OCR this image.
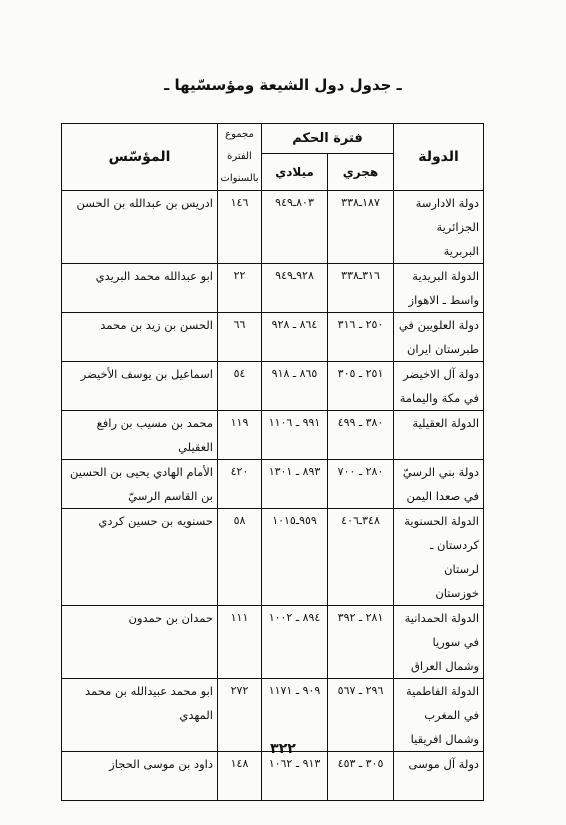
ـ جدول دول الشيعة ومؤسسّيها ـ
الدولة	فترة الحكم		مجموع الفترة بالسنوات	المؤسّس
	هجري	ميلادي		
دولة الادارسة الجزائرية البربرية	١٨٧ـ٣٣٨	٨٠٣ـ٩٤٩	١٤٦	ادريس بن عبدالله بن الحسن
الدولة البريدية واسط ـ الاهواز	٣١٦ـ٣٣٨	٩٢٨ـ٩٤٩	٢٢	ابو عبدالله محمد البريدي
دولة العلويين في طبرستان ايران	٢٥٠ ـ ٣١٦	٨٦٤ ـ ٩٢٨	٦٦	الحسن بن زيد بن محمد
دولة آل الاخيضر في مكة واليمامة	٢٥١ ـ ٣٠٥	٨٦٥ ـ ٩١٨	٥٤	اسماعيل بن يوسف الأخيضر
الدولة العقيلية	٣٨٠ ـ ٤٩٩	٩٩١ ـ ١١٠٦	١١٩	محمد بن مسيب بن رافع العقيلي
دولة بني الرسيّ في صعدا اليمن	٢٨٠ ـ ٧٠٠	٨٩٣ ـ ١٣٠١	٤٢٠	الأمام الهادي يحيى بن الحسين بن القاسم الرسيّ
الدولة الحسنوية كردستان ـ لرستان خوزستان	٣٤٨ـ٤٠٦	٩٥٩ـ١٠١٥	٥٨	حسنويه بن حسين كردي
الدولة الحمدانية في سوريا وشمال العراق	٢٨١ ـ ٣٩٢	٨٩٤ ـ ١٠٠٢	١١١	حمدان بن حمدون
الدولة الفاطمية في المغرب وشمال افريقيا	٢٩٦ ـ ٥٦٧	٩٠٩ ـ ١١٧١	٢٧٢	ابو محمد عبيدالله بن محمد المهدي
دولة آل موسى	٣٠٥ ـ ٤٥٣	٩١٣ ـ ١٠٦٢	١٤٨	داود بن موسى الحجاز
٣٢٢
